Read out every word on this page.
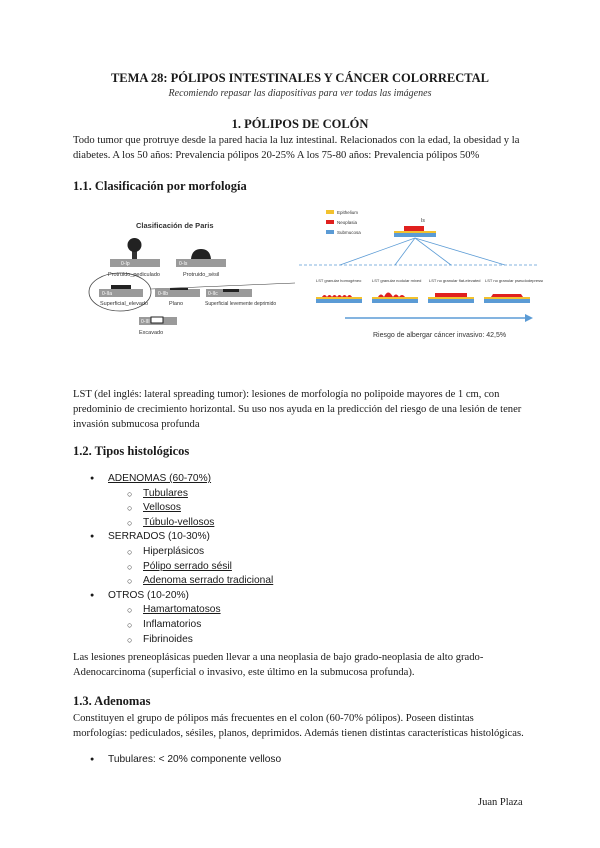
TEMA 28: PÓLIPOS INTESTINALES Y CÁNCER COLORRECTAL
Recomiendo repasar las diapositivas para ver todas las imágenes
1. PÓLIPOS DE COLÓN
Todo tumor que protruye desde la pared hacia la luz intestinal. Relacionados con la edad, la obesidad y la diabetes. A los 50 años: Prevalencia pólipos 20-25% A los 75-80 años: Prevalencia pólipos 50%
1.1. Clasificación por morfología
Clasificación de Paris
0-Ip
Protruido_pediculado
0-Is
Protruido_sésil
0-IIa
Superficial_elevado
0-IIb
Plano
0-IIc
Superficial levemente deprimido
0-III
Excavado
Epithelium
Neoplasia
Submucosa
Is
LST granular homogéneo	LST granular nodular mixed LST no granular flat-elevated LST no granular pseudodepressed
Riesgo de albergar cáncer invasivo: 42,5%
LST (del inglés: lateral spreading tumor): lesiones de morfología no polipoide mayores de 1 cm, con predominio de crecimiento horizontal. Su uso nos ayuda en la predicción del riesgo de una lesión de tener invasión submucosa profunda
1.2. Tipos histológicos
● ADENOMAS (60-70%)
○ Tubulares
○ Vellosos
○ Túbulo-vellosos
● SERRADOS (10-30%)
○ Hiperplásicos
○ Pólipo serrado sésil
○ Adenoma serrado tradicional
● OTROS (10-20%)
○ Hamartomatosos
○ Inflamatorios
○ Fibrinoides
Las lesiones preneoplásicas pueden llevar a una neoplasia de bajo grado-neoplasia de alto grado-Adenocarcinoma (superficial o invasivo, este último en la submucosa profunda).
1.3. Adenomas
Constituyen el grupo de pólipos más frecuentes en el colon (60-70% pólipos). Poseen distintas morfologías: pediculados, sésiles, planos, deprimidos. Además tienen distintas características histológicas.
● Tubulares: < 20% componente velloso
Juan Plaza
